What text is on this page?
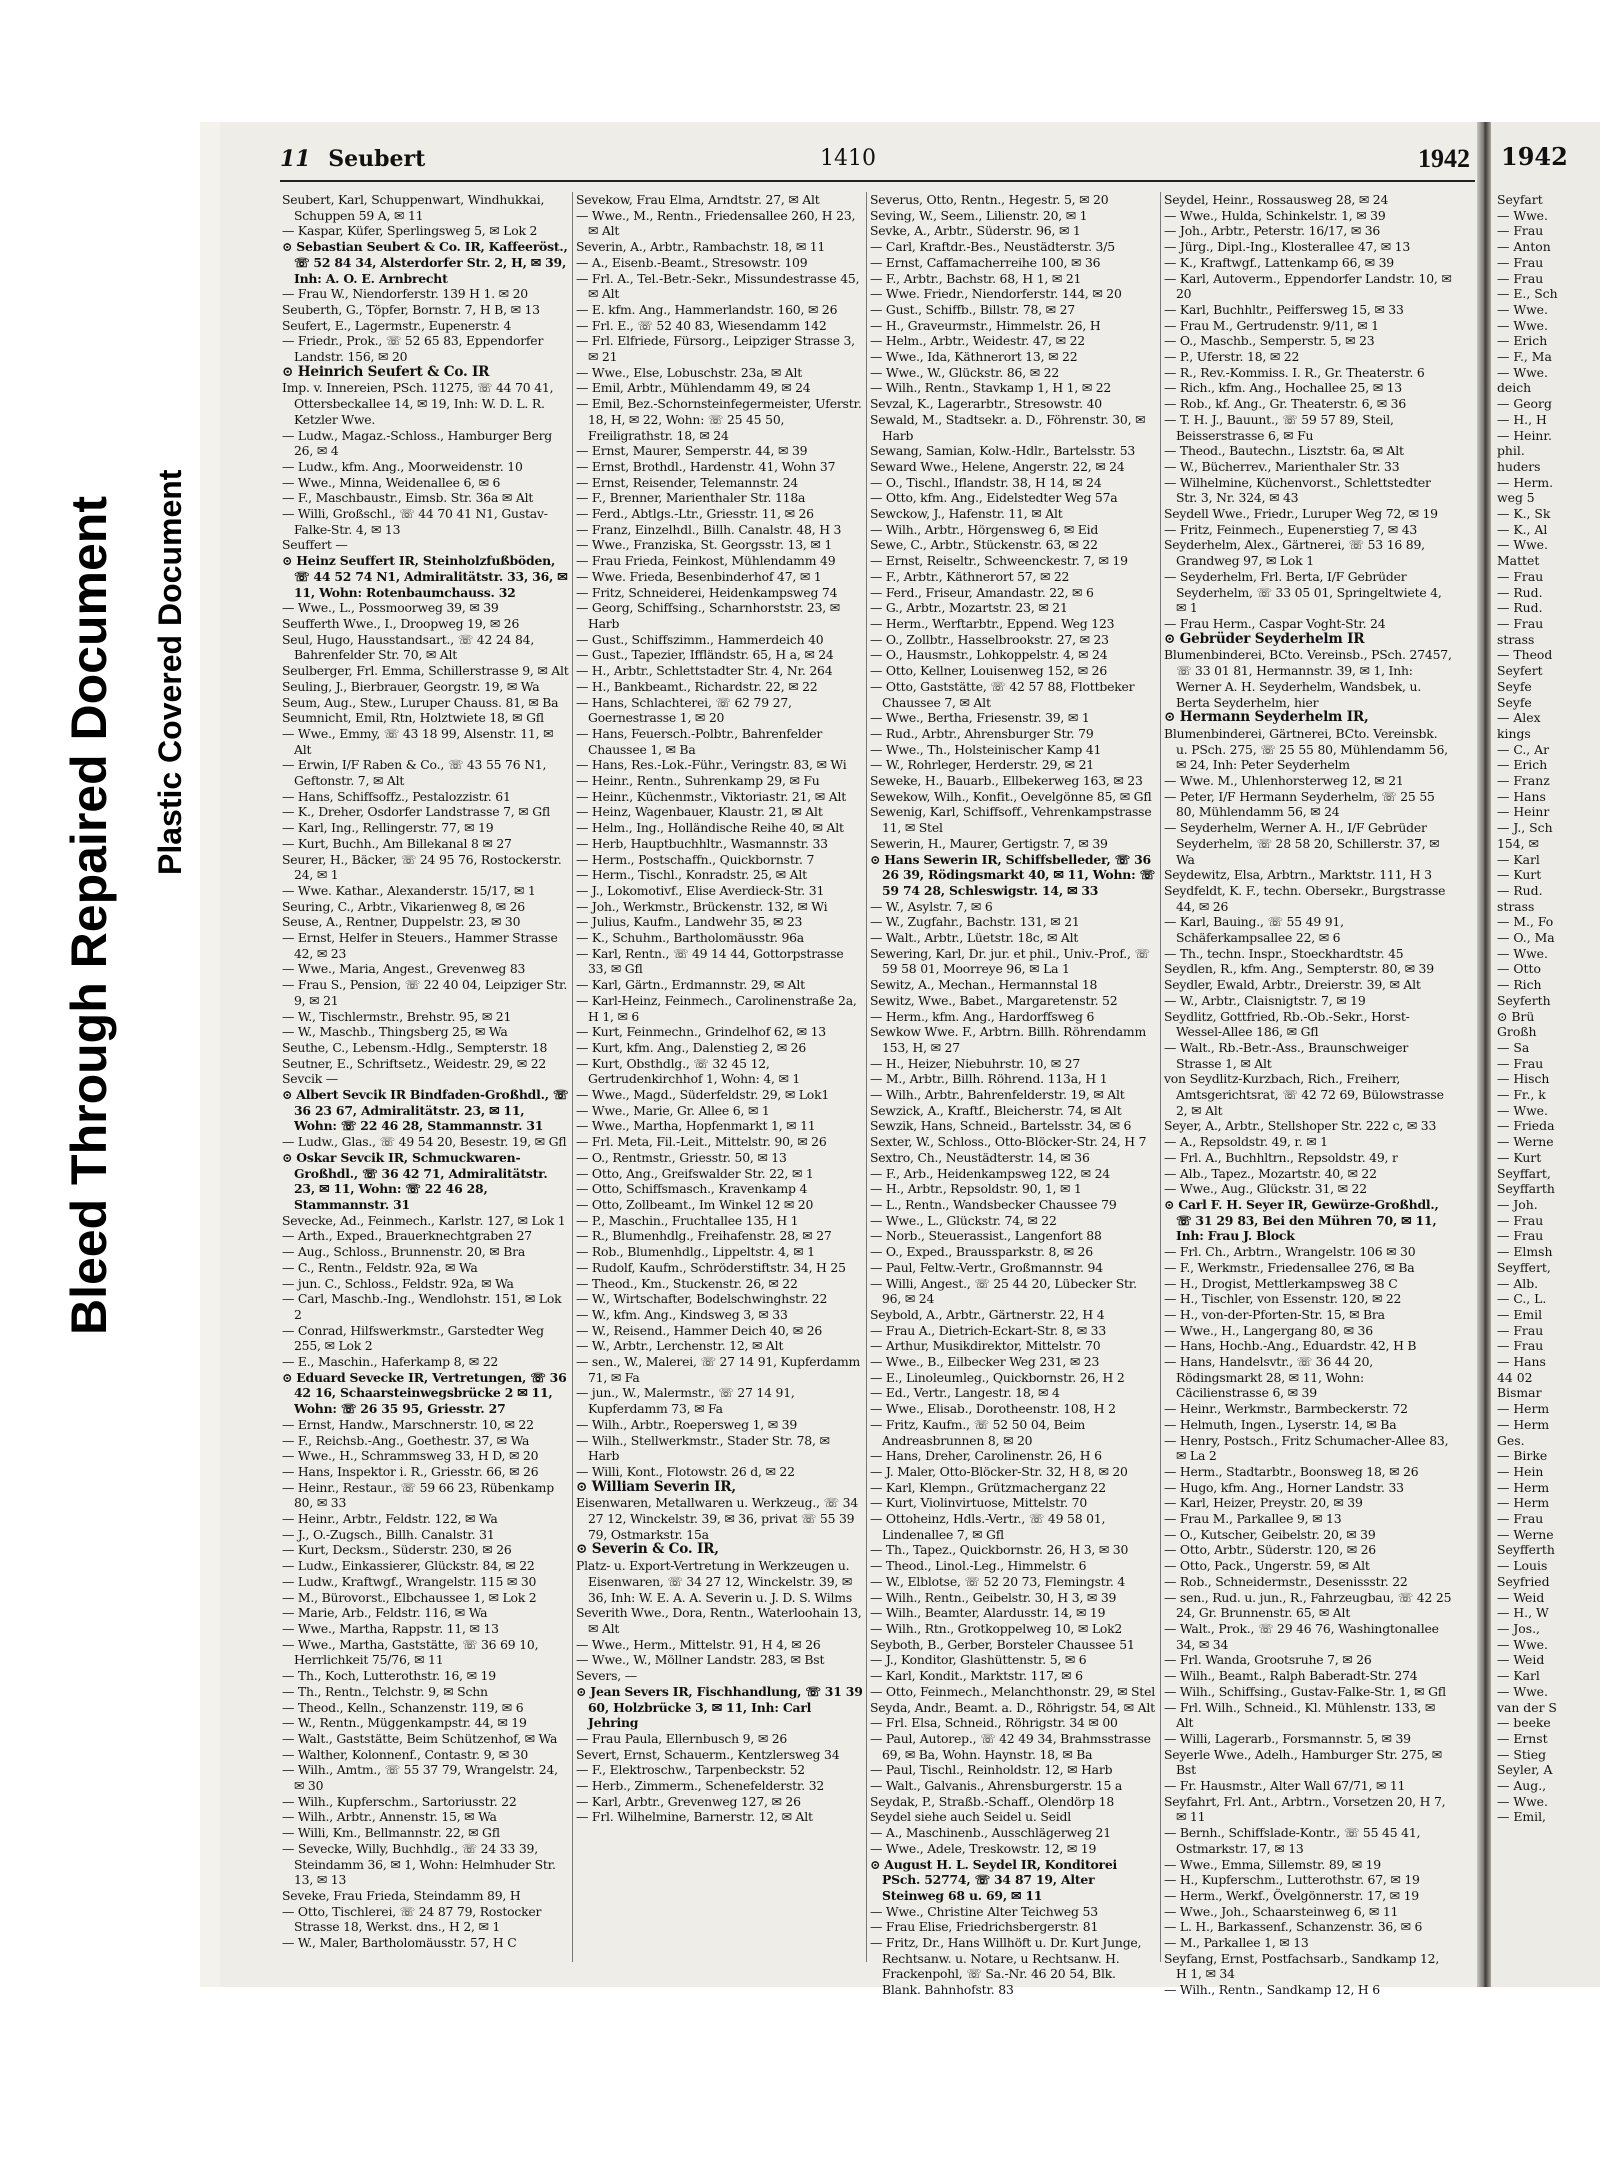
Bleed Through Repaired Document Plastic Covered Document
11 Seubert	1410	1942
Seubert, Karl, Schuppenwart, Windhukkai, Schuppen 59 A, ✉ 11
— Kaspar, Küfer, Sperlingsweg 5, ✉ Lok 2
⊙ Sebastian Seubert & Co. IR, Kaffeeröst., ☏ 52 84 34, Alsterdorfer Str. 2, H, ✉ 39, Inh: A. O. E. Arnbrecht
— Frau W., Niendorferstr. 139 H 1. ✉ 20
Seuberth, G., Töpfer, Bornstr. 7, H B, ✉ 13
Seufert, E., Lagermstr., Eupenerstr. 4
— Friedr., Prok., ☏ 52 65 83, Eppendorfer Landstr. 156, ✉ 20
⊙ Heinrich Seufert & Co. IR
Imp. v. Innereien, PSch. 11275, ☏ 44 70 41, Ottersbeckallee 14, ✉ 19, Inh: W. D. L. R. Ketzler Wwe.
— Ludw., Magaz.-Schloss., Hamburger Berg 26, ✉ 4
— Ludw., kfm. Ang., Moorweidenstr. 10
— Wwe., Minna, Weidenallee 6, ✉ 6
— F., Maschbaustr., Eimsb. Str. 36a ✉ Alt
— Willi, Großschl., ☏ 44 70 41 N1, Gustav-Falke-Str. 4, ✉ 13
Seuffert —
⊙ Heinz Seuffert IR, Steinholzfußböden, ☏ 44 52 74 N1, Admiralitätstr. 33, 36, ✉ 11, Wohn: Rotenbaumchauss. 32
— Wwe., L., Possmoorweg 39, ✉ 39
Seufferth Wwe., I., Droopweg 19, ✉ 26
Seul, Hugo, Hausstandsart., ☏ 42 24 84, Bahrenfelder Str. 70, ✉ Alt
Seulberger, Frl. Emma, Schillerstrasse 9, ✉ Alt
Seuling, J., Bierbrauer, Georgstr. 19, ✉ Wa
Seum, Aug., Stew., Luruper Chauss. 81, ✉ Ba
Seumnicht, Emil, Rtn, Holztwiete 18, ✉ Gfl
— Wwe., Emmy, ☏ 43 18 99, Alsenstr. 11, ✉ Alt
— Erwin, I/F Raben & Co., ☏ 43 55 76 N1, Geftonstr. 7, ✉ Alt
— Hans, Schiffsoffz., Pestalozzistr. 61
— K., Dreher, Osdorfer Landstrasse 7, ✉ Gfl
— Karl, Ing., Rellingerstr. 77, ✉ 19
— Kurt, Buchh., Am Billekanal 8 ✉ 27
Seurer, H., Bäcker, ☏ 24 95 76, Rostockerstr. 24, ✉ 1
— Wwe. Kathar., Alexanderstr. 15/17, ✉ 1
Seuring, C., Arbtr., Vikarienweg 8, ✉ 26
Seuse, A., Rentner, Duppelstr. 23, ✉ 30
— Ernst, Helfer in Steuers., Hammer Strasse 42, ✉ 23
— Wwe., Maria, Angest., Grevenweg 83
— Frau S., Pension, ☏ 22 40 04, Leipziger Str. 9, ✉ 21
— W., Tischlermstr., Brehstr. 95, ✉ 21
— W., Maschb., Thingsberg 25, ✉ Wa
Seuthe, C., Lebensm.-Hdlg., Sempterstr. 18
Seutner, E., Schriftsetz., Weidestr. 29, ✉ 22
Sevcik —
⊙ Albert Sevcik IR Bindfaden-Großhdl., ☏ 36 23 67, Admiralitätstr. 23, ✉ 11, Wohn: ☏ 22 46 28, Stammannstr. 31
— Ludw., Glas., ☏ 49 54 20, Besestr. 19, ✉ Gfl
⊙ Oskar Sevcik IR, Schmuckwaren-Großhdl., ☏ 36 42 71, Admiralitätstr. 23, ✉ 11, Wohn: ☏ 22 46 28, Stammannstr. 31
Sevecke, Ad., Feinmech., Karlstr. 127, ✉ Lok 1
— Arth., Exped., Brauerknechtgraben 27
— Aug., Schloss., Brunnenstr. 20, ✉ Bra
— C., Rentn., Feldstr. 92a, ✉ Wa
— jun. C., Schloss., Feldstr. 92a, ✉ Wa
— Carl, Maschb.-Ing., Wendlohstr. 151, ✉ Lok 2
— Conrad, Hilfswerkmstr., Garstedter Weg 255, ✉ Lok 2
— E., Maschin., Haferkamp 8, ✉ 22
⊙ Eduard Sevecke IR, Vertretungen, ☏ 36 42 16, Schaarsteinwegsbrücke 2 ✉ 11, Wohn: ☏ 26 35 95, Griesstr. 27
— Ernst, Handw., Marschnerstr. 10, ✉ 22
— F., Reichsb.-Ang., Goethestr. 37, ✉ Wa
— Wwe., H., Schrammsweg 33, H D, ✉ 20
— Hans, Inspektor i. R., Griesstr. 66, ✉ 26
— Heinr., Restaur., ☏ 59 66 23, Rübenkamp 80, ✉ 33
— Heinr., Arbtr., Feldstr. 122, ✉ Wa
— J., O.-Zugsch., Billh. Canalstr. 31
— Kurt, Decksm., Süderstr. 230, ✉ 26
— Ludw., Einkassierer, Glückstr. 84, ✉ 22
— Ludw., Kraftwgf., Wrangelstr. 115 ✉ 30
— M., Bürovorst., Elbchaussee 1, ✉ Lok 2
— Marie, Arb., Feldstr. 116, ✉ Wa
— Wwe., Martha, Rappstr. 11, ✉ 13
— Wwe., Martha, Gaststätte, ☏ 36 69 10, Herrlichkeit 75/76, ✉ 11
— Th., Koch, Lutterothstr. 16, ✉ 19
— Th., Rentn., Telchstr. 9, ✉ Schn
— Theod., Kelln., Schanzenstr. 119, ✉ 6
— W., Rentn., Müggenkampstr. 44, ✉ 19
— Walt., Gaststätte, Beim Schützenhof, ✉ Wa
— Walther, Kolonnenf., Contastr. 9, ✉ 30
— Wilh., Amtm., ☏ 55 37 79, Wrangelstr. 24, ✉ 30
— Wilh., Kupferschm., Sartoriusstr. 22
— Wilh., Arbtr., Annenstr. 15, ✉ Wa
— Willi, Km., Bellmannstr. 22, ✉ Gfl
— Sevecke, Willy, Buchhdlg., ☏ 24 33 39, Steindamm 36, ✉ 1, Wohn: Helmhuder Str. 13, ✉ 13
Seveke, Frau Frieda, Steindamm 89, H
— Otto, Tischlerei, ☏ 24 87 79, Rostocker Strasse 18, Werkst. dns., H 2, ✉ 1
— W., Maler, Bartholomäusstr. 57, H C
Sevekow, Frau Elma, Arndtstr. 27, ✉ Alt
— Wwe., M., Rentn., Friedensallee 260, H 23, ✉ Alt
Severin, A., Arbtr., Rambachstr. 18, ✉ 11
— A., Eisenb.-Beamt., Stresowstr. 109
— Frl. A., Tel.-Betr.-Sekr., Missundestrasse 45, ✉ Alt
— E. kfm. Ang., Hammerlandstr. 160, ✉ 26
— Frl. E., ☏ 52 40 83, Wiesendamm 142
— Frl. Elfriede, Fürsorg., Leipziger Strasse 3, ✉ 21
— Wwe., Else, Lobuschstr. 23a, ✉ Alt
— Emil, Arbtr., Mühlendamm 49, ✉ 24
— Emil, Bez.-Schornsteinfegermeister, Uferstr. 18, H, ✉ 22, Wohn: ☏ 25 45 50, Freiligrathstr. 18, ✉ 24
— Ernst, Maurer, Semperstr. 44, ✉ 39
— Ernst, Brothdl., Hardenstr. 41, Wohn 37
— Ernst, Reisender, Telemannstr. 24
— F., Brenner, Marienthaler Str. 118a
— Ferd., Abtlgs.-Ltr., Griesstr. 11, ✉ 26
— Franz, Einzelhdl., Billh. Canalstr. 48, H 3
— Wwe., Franziska, St. Georgsstr. 13, ✉ 1
— Frau Frieda, Feinkost, Mühlendamm 49
— Wwe. Frieda, Besenbinderhof 47, ✉ 1
— Fritz, Schneiderei, Heidenkampsweg 74
— Georg, Schiffsing., Scharnhorststr. 23, ✉ Harb
— Gust., Schiffszimm., Hammerdeich 40
— Gust., Tapezier, Iffländstr. 65, H a, ✉ 24
— H., Arbtr., Schlettstadter Str. 4, Nr. 264
— H., Bankbeamt., Richardstr. 22, ✉ 22
— Hans, Schlachterei, ☏ 62 79 27, Goernestrasse 1, ✉ 20
— Hans, Feuersch.-Polbtr., Bahrenfelder Chaussee 1, ✉ Ba
— Hans, Res.-Lok.-Führ., Veringstr. 83, ✉ Wi
— Heinr., Rentn., Suhrenkamp 29, ✉ Fu
— Heinr., Küchenmstr., Viktoriastr. 21, ✉ Alt
— Heinz, Wagenbauer, Klaustr. 21, ✉ Alt
— Helm., Ing., Holländische Reihe 40, ✉ Alt
— Herb, Hauptbuchhltr., Wasmannstr. 33
— Herm., Postschaffn., Quickbornstr. 7
— Herm., Tischl., Konradstr. 25, ✉ Alt
— J., Lokomotivf., Elise Averdieck-Str. 31
— Joh., Werkmstr., Brückenstr. 132, ✉ Wi
— Julius, Kaufm., Landwehr 35, ✉ 23
— K., Schuhm., Bartholomäusstr. 96a
— Karl, Rentn., ☏ 49 14 44, Gottorpstrasse 33, ✉ Gfl
— Karl, Gärtn., Erdmannstr. 29, ✉ Alt
— Karl-Heinz, Feinmech., Carolinenstraße 2a, H 1, ✉ 6
— Kurt, Feinmechn., Grindelhof 62, ✉ 13
— Kurt, kfm. Ang., Dalenstieg 2, ✉ 26
— Kurt, Obsthdlg., ☏ 32 45 12, Gertrudenkirchhof 1, Wohn: 4, ✉ 1
— Wwe., Magd., Süderfeldstr. 29, ✉ Lok1
— Wwe., Marie, Gr. Allee 6, ✉ 1
— Wwe., Martha, Hopfenmarkt 1, ✉ 11
— Frl. Meta, Fil.-Leit., Mittelstr. 90, ✉ 26
— O., Rentmstr., Griesstr. 50, ✉ 13
— Otto, Ang., Greifswalder Str. 22, ✉ 1
— Otto, Schiffsmasch., Kravenkamp 4
— Otto, Zollbeamt., Im Winkel 12 ✉ 20
— P., Maschin., Fruchtallee 135, H 1
— R., Blumenhdlg., Freihafenstr. 28, ✉ 27
— Rob., Blumenhdlg., Lippeltstr. 4, ✉ 1
— Rudolf, Kaufm., Schröderstiftstr. 34, H 25
— Theod., Km., Stuckenstr. 26, ✉ 22
— W., Wirtschafter, Bodelschwinghstr. 22
— W., kfm. Ang., Kindsweg 3, ✉ 33
— W., Reisend., Hammer Deich 40, ✉ 26
— W., Arbtr., Lerchenstr. 12, ✉ Alt
— sen., W., Malerei, ☏ 27 14 91, Kupferdamm 71, ✉ Fa
— jun., W., Malermstr., ☏ 27 14 91, Kupferdamm 73, ✉ Fa
— Wilh., Arbtr., Roepersweg 1, ✉ 39
— Wilh., Stellwerkmstr., Stader Str. 78, ✉ Harb
— Willi, Kont., Flotowstr. 26 d, ✉ 22
⊙ William Severin IR,
Eisenwaren, Metallwaren u. Werkzeug., ☏ 34 27 12, Winckelstr. 39, ✉ 36, privat ☏ 55 39 79, Ostmarkstr. 15a
⊙ Severin & Co. IR,
Platz- u. Export-Vertretung in Werkzeugen u. Eisenwaren, ☏ 34 27 12, Winckelstr. 39, ✉ 36, Inh: W. E. A. A. Severin u. J. D. S. Wilms
Severith Wwe., Dora, Rentn., Waterloohain 13, ✉ Alt
— Wwe., Herm., Mittelstr. 91, H 4, ✉ 26
— Wwe., W., Möllner Landstr. 283, ✉ Bst
Severs, —
⊙ Jean Severs IR, Fischhandlung, ☏ 31 39 60, Holzbrücke 3, ✉ 11, Inh: Carl Jehring
— Frau Paula, Ellernbusch 9, ✉ 26
Severt, Ernst, Schauerm., Kentzlersweg 34
— F., Elektroschw., Tarpenbeckstr. 52
— Herb., Zimmerm., Schenefelderstr. 32
— Karl, Arbtr., Grevenweg 127, ✉ 26
— Frl. Wilhelmine, Barnerstr. 12, ✉ Alt
Severus, Otto, Rentn., Hegestr. 5, ✉ 20
Seving, W., Seem., Lilienstr. 20, ✉ 1
Sevke, A., Arbtr., Süderstr. 96, ✉ 1
— Carl, Kraftdr.-Bes., Neustädterstr. 3/5
— Ernst, Caffamacherreihe 100, ✉ 36
— F., Arbtr., Bachstr. 68, H 1, ✉ 21
— Wwe. Friedr., Niendorferstr. 144, ✉ 20
— Gust., Schiffb., Billstr. 78, ✉ 27
— H., Graveurmstr., Himmelstr. 26, H
— Helm., Arbtr., Weidestr. 47, ✉ 22
— Wwe., Ida, Käthnerort 13, ✉ 22
— Wwe., W., Glückstr. 86, ✉ 22
— Wilh., Rentn., Stavkamp 1, H 1, ✉ 22
Sevzal, K., Lagerarbtr., Stresowstr. 40
Sewald, M., Stadtsekr. a. D., Föhrenstr. 30, ✉ Harb
Sewang, Samian, Kolw.-Hdlr., Bartelsstr. 53
Seward Wwe., Helene, Angerstr. 22, ✉ 24
— O., Tischl., Iflandstr. 38, H 14, ✉ 24
— Otto, kfm. Ang., Eidelstedter Weg 57a
Sewckow, J., Hafenstr. 11, ✉ Alt
— Wilh., Arbtr., Hörgensweg 6, ✉ Eid
Sewe, C., Arbtr., Stückenstr. 63, ✉ 22
— Ernst, Reiseltr., Schweenckestr. 7, ✉ 19
— F., Arbtr., Käthnerort 57, ✉ 22
— Ferd., Friseur, Amandastr. 22, ✉ 6
— G., Arbtr., Mozartstr. 23, ✉ 21
— Herm., Werftarbtr., Eppend. Weg 123
— O., Zollbtr., Hasselbrookstr. 27, ✉ 23
— O., Hausmstr., Lohkoppelstr. 4, ✉ 24
— Otto, Kellner, Louisenweg 152, ✉ 26
— Otto, Gaststätte, ☏ 42 57 88, Flottbeker Chaussee 7, ✉ Alt
— Wwe., Bertha, Friesenstr. 39, ✉ 1
— Rud., Arbtr., Ahrensburger Str. 79
— Wwe., Th., Holsteinischer Kamp 41
— W., Rohrleger, Herderstr. 29, ✉ 21
Seweke, H., Bauarb., Ellbekerweg 163, ✉ 23
Sewekow, Wilh., Konfit., Oevelgönne 85, ✉ Gfl
Sewenig, Karl, Schiffsoff., Vehrenkampstrasse 11, ✉ Stel
Sewerin, H., Maurer, Gertigstr. 7, ✉ 39
⊙ Hans Sewerin IR, Schiffsbelleder, ☏ 36 26 39, Rödingsmarkt 40, ✉ 11, Wohn: ☏ 59 74 28, Schleswigstr. 14, ✉ 33
— W., Asylstr. 7, ✉ 6
— W., Zugfahr., Bachstr. 131, ✉ 21
— Walt., Arbtr., Lüetstr. 18c, ✉ Alt
Sewering, Karl, Dr. jur. et phil., Univ.-Prof., ☏ 59 58 01, Moorreye 96, ✉ La 1
Sewitz, A., Mechan., Hermannstal 18
Sewitz, Wwe., Babet., Margaretenstr. 52
— Herm., kfm. Ang., Hardorffsweg 6
Sewkow Wwe. F., Arbtrn. Billh. Röhrendamm 153, H, ✉ 27
— H., Heizer, Niebuhrstr. 10, ✉ 27
— M., Arbtr., Billh. Röhrend. 113a, H 1
— Wilh., Arbtr., Bahrenfelderstr. 19, ✉ Alt
Sewzick, A., Kraftf., Bleicherstr. 74, ✉ Alt
Sewzik, Hans, Schneid., Bartelsstr. 34, ✉ 6
Sexter, W., Schloss., Otto-Blöcker-Str. 24, H 7
Sextro, Ch., Neustädterstr. 14, ✉ 36
— F., Arb., Heidenkampsweg 122, ✉ 24
— H., Arbtr., Repsoldstr. 90, 1, ✉ 1
— L., Rentn., Wandsbecker Chaussee 79
— Wwe., L., Glückstr. 74, ✉ 22
— Norb., Steuerassist., Langenfort 88
— O., Exped., Braussparkstr. 8, ✉ 26
— Paul, Feltw.-Vertr., Großmannstr. 94
— Willi, Angest., ☏ 25 44 20, Lübecker Str. 96, ✉ 24
Seybold, A., Arbtr., Gärtnerstr. 22, H 4
— Frau A., Dietrich-Eckart-Str. 8, ✉ 33
— Arthur, Musikdirektor, Mittelstr. 70
— Wwe., B., Eilbecker Weg 231, ✉ 23
— E., Linoleumleg., Quickbornstr. 26, H 2
— Ed., Vertr., Langestr. 18, ✉ 4
— Wwe., Elisab., Dorotheenstr. 108, H 2
— Fritz, Kaufm., ☏ 52 50 04, Beim Andreasbrunnen 8, ✉ 20
— Hans, Dreher, Carolinenstr. 26, H 6
— J. Maler, Otto-Blöcker-Str. 32, H 8, ✉ 20
— Karl, Klempn., Grützmacherganz 22
— Kurt, Violinvirtuose, Mittelstr. 70
— Ottoheinz, Hdls.-Vertr., ☏ 49 58 01, Lindenallee 7, ✉ Gfl
— Th., Tapez., Quickbornstr. 26, H 3, ✉ 30
— Theod., Linol.-Leg., Himmelstr. 6
— W., Elblotse, ☏ 52 20 73, Flemingstr. 4
— Wilh., Rentn., Geibelstr. 30, H 3, ✉ 39
— Wilh., Beamter, Alardusstr. 14, ✉ 19
— Wilh., Rtn., Grotkoppelweg 10, ✉ Lok2
Seyboth, B., Gerber, Borsteler Chaussee 51
— J., Konditor, Glashüttenstr. 5, ✉ 6
— Karl, Kondit., Marktstr. 117, ✉ 6
— Otto, Feinmech., Melanchthonstr. 29, ✉ Stel
Seyda, Andr., Beamt. a. D., Röhrigstr. 54, ✉ Alt
— Frl. Elsa, Schneid., Röhrigstr. 34 ✉ 00
— Paul, Autorep., ☏ 42 49 34, Brahmsstrasse 69, ✉ Ba, Wohn. Haynstr. 18, ✉ Ba
— Paul, Tischl., Reinholdstr. 12, ✉ Harb
— Walt., Galvanis., Ahrensburgerstr. 15 a
Seydak, P., Straßb.-Schaff., Olendörp 18
Seydel siehe auch Seidel u. Seidl
— A., Maschinenb., Ausschlägerweg 21
— Wwe., Adele, Treskowstr. 12, ✉ 19
⊙ August H. L. Seydel IR, Konditorei PSch. 52774, ☏ 34 87 19, Alter Steinweg 68 u. 69, ✉ 11
— Wwe., Christine Alter Teichweg 53
— Frau Elise, Friedrichsbergerstr. 81
— Fritz, Dr., Hans Willhöft u. Dr. Kurt Junge, Rechtsanw. u. Notare, u Rechtsanw. H. Frackenpohl, ☏ Sa.-Nr. 46 20 54, Blk. Blank. Bahnhofstr. 83
Seydel, Heinr., Rossausweg 28, ✉ 24
— Wwe., Hulda, Schinkelstr. 1, ✉ 39
— Joh., Arbtr., Peterstr. 16/17, ✉ 36
— Jürg., Dipl.-Ing., Klosterallee 47, ✉ 13
— K., Kraftwgf., Lattenkamp 66, ✉ 39
— Karl, Autoverm., Eppendorfer Landstr. 10, ✉ 20
— Karl, Buchhltr., Peiffersweg 15, ✉ 33
— Frau M., Gertrudenstr. 9/11, ✉ 1
— O., Maschb., Semperstr. 5, ✉ 23
— P., Uferstr. 18, ✉ 22
— R., Rev.-Kommiss. I. R., Gr. Theaterstr. 6
— Rich., kfm. Ang., Hochallee 25, ✉ 13
— Rob., kf. Ang., Gr. Theaterstr. 6, ✉ 36
— T. H. J., Bauunt., ☏ 59 57 89, Steil, Beisserstrasse 6, ✉ Fu
— Theod., Bautechn., Lisztstr. 6a, ✉ Alt
— W., Bücherrev., Marienthaler Str. 33
— Wilhelmine, Küchenvorst., Schlettstedter Str. 3, Nr. 324, ✉ 43
Seydell Wwe., Friedr., Luruper Weg 72, ✉ 19
— Fritz, Feinmech., Eupenerstieg 7, ✉ 43
Seyderhelm, Alex., Gärtnerei, ☏ 53 16 89, Grandweg 97, ✉ Lok 1
— Seyderhelm, Frl. Berta, I/F Gebrüder Seyderhelm, ☏ 33 05 01, Springeltwiete 4, ✉ 1
— Frau Herm., Caspar Voght-Str. 24
⊙ Gebrüder Seyderhelm IR
Blumenbinderei, BCto. Vereinsb., PSch. 27457, ☏ 33 01 81, Hermannstr. 39, ✉ 1, Inh: Werner A. H. Seyderhelm, Wandsbek, u. Berta Seyderhelm, hier
⊙ Hermann Seyderhelm IR,
Blumenbinderei, Gärtnerei, BCto. Vereinsbk. u. PSch. 275, ☏ 25 55 80, Mühlendamm 56, ✉ 24, Inh: Peter Seyderhelm
— Wwe. M., Uhlenhorsterweg 12, ✉ 21
— Peter, I/F Hermann Seyderhelm, ☏ 25 55 80, Mühlendamm 56, ✉ 24
— Seyderhelm, Werner A. H., I/F Gebrüder Seyderhelm, ☏ 28 58 20, Schillerstr. 37, ✉ Wa
Seydewitz, Elsa, Arbtrn., Marktstr. 111, H 3
Seydfeldt, K. F., techn. Obersekr., Burgstrasse 44, ✉ 26
— Karl, Bauing., ☏ 55 49 91, Schäferkampsallee 22, ✉ 6
— Th., techn. Inspr., Stoeckhardtstr. 45
Seydlen, R., kfm. Ang., Sempterstr. 80, ✉ 39
Seydler, Ewald, Arbtr., Dreierstr. 39, ✉ Alt
— W., Arbtr., Claisnigtstr. 7, ✉ 19
Seydlitz, Gottfried, Rb.-Ob.-Sekr., Horst-Wessel-Allee 186, ✉ Gfl
— Walt., Rb.-Betr.-Ass., Braunschweiger Strasse 1, ✉ Alt
von Seydlitz-Kurzbach, Rich., Freiherr, Amtsgerichtsrat, ☏ 42 72 69, Bülowstrasse 2, ✉ Alt
Seyer, A., Arbtr., Stellshoper Str. 222 c, ✉ 33
— A., Repsoldstr. 49, r. ✉ 1
— Frl. A., Buchhltrn., Repsoldstr. 49, r
— Alb., Tapez., Mozartstr. 40, ✉ 22
— Wwe., Aug., Glückstr. 31, ✉ 22
⊙ Carl F. H. Seyer IR, Gewürze-Großhdl., ☏ 31 29 83, Bei den Mühren 70, ✉ 11, Inh: Frau J. Block
— Frl. Ch., Arbtrn., Wrangelstr. 106 ✉ 30
— F., Werkmstr., Friedensallee 276, ✉ Ba
— H., Drogist, Mettlerkampsweg 38 C
— H., Tischler, von Essenstr. 120, ✉ 22
— H., von-der-Pforten-Str. 15, ✉ Bra
— Wwe., H., Langergang 80, ✉ 36
— Hans, Hochb.-Ang., Eduardstr. 42, H B
— Hans, Handelsvtr., ☏ 36 44 20, Rödingsmarkt 28, ✉ 11, Wohn: Cäcilienstrasse 6, ✉ 39
— Heinr., Werkmstr., Barmbeckerstr. 72
— Helmuth, Ingen., Lyserstr. 14, ✉ Ba
— Henry, Postsch., Fritz Schumacher-Allee 83, ✉ La 2
— Herm., Stadtarbtr., Boonsweg 18, ✉ 26
— Hugo, kfm. Ang., Horner Landstr. 33
— Karl, Heizer, Preystr. 20, ✉ 39
— Frau M., Parkallee 9, ✉ 13
— O., Kutscher, Geibelstr. 20, ✉ 39
— Otto, Arbtr., Süderstr. 120, ✉ 26
— Otto, Pack., Ungerstr. 59, ✉ Alt
— Rob., Schneidermstr., Desenissstr. 22
— sen., Rud. u. jun., R., Fahrzeugbau, ☏ 42 25 24, Gr. Brunnenstr. 65, ✉ Alt
— Walt., Prok., ☏ 29 46 76, Washingtonallee 34, ✉ 34
— Frl. Wanda, Grootsruhe 7, ✉ 26
— Wilh., Beamt., Ralph Baberadt-Str. 274
— Wilh., Schiffsing., Gustav-Falke-Str. 1, ✉ Gfl
— Frl. Wilh., Schneid., Kl. Mühlenstr. 133, ✉ Alt
— Willi, Lagerarb., Forsmannstr. 5, ✉ 39
Seyerle Wwe., Adelh., Hamburger Str. 275, ✉ Bst
— Fr. Hausmstr., Alter Wall 67/71, ✉ 11
Seyfahrt, Frl. Ant., Arbtrn., Vorsetzen 20, H 7, ✉ 11
— Bernh., Schiffslade-Kontr., ☏ 55 45 41, Ostmarkstr. 17, ✉ 13
— Wwe., Emma, Sillemstr. 89, ✉ 19
— H., Kupferschm., Lutterothstr. 67, ✉ 19
— Herm., Werkf., Övelgönnerstr. 17, ✉ 19
— Wwe., Joh., Schaarsteinweg 6, ✉ 11
— L. H., Barkassenf., Schanzenstr. 36, ✉ 6
— M., Parkallee 1, ✉ 13
Seyfang, Ernst, Postfachsarb., Sandkamp 12, H 1, ✉ 34
— Wilh., Rentn., Sandkamp 12, H 6
1942
Seyfart
— Wwe.
— Frau
— Anton
— Frau
— Frau
— E., Sch
— Wwe.
— Wwe.
— Erich
— F., Ma
— Wwe.
deich
— Georg
— H., H
— Heinr.
phil.
huders
— Herm.
weg 5
— K., Sk
— K., Al
— Wwe.
Mattet
— Frau
— Rud.
— Rud.
— Frau
strass
— Theod
Seyfert
Seyfe
Seyfe
— Alex
kings
— C., Ar
— Erich
— Franz
— Hans
— Heinr
— J., Sch
154, ✉
— Karl
— Kurt
— Rud.
strass
— M., Fo
— O., Ma
— Wwe.
— Otto
— Rich
Seyferth
⊙ Brü
Großh
— Sa
— Frau
— Hisch
— Fr., k
— Wwe.
— Frieda
— Werne
— Kurt
Seyffart,
Seyffarth
— Joh.
— Frau
— Frau
— Elmsh
Seyffert,
— Alb.
— C., L.
— Emil
— Frau
— Frau
— Hans
44 02
Bismar
— Herm
— Herm
Ges.
— Birke
— Hein
— Herm
— Herm
— Frau
— Werne
Seyfferth
— Louis
Seyfried
— Weid
— H., W
— Jos.,
— Wwe.
— Weid
— Karl
— Wwe.
van der S
— beeke
— Ernst
— Stieg
Seyler, A
— Aug.,
— Wwe.
— Emil,
